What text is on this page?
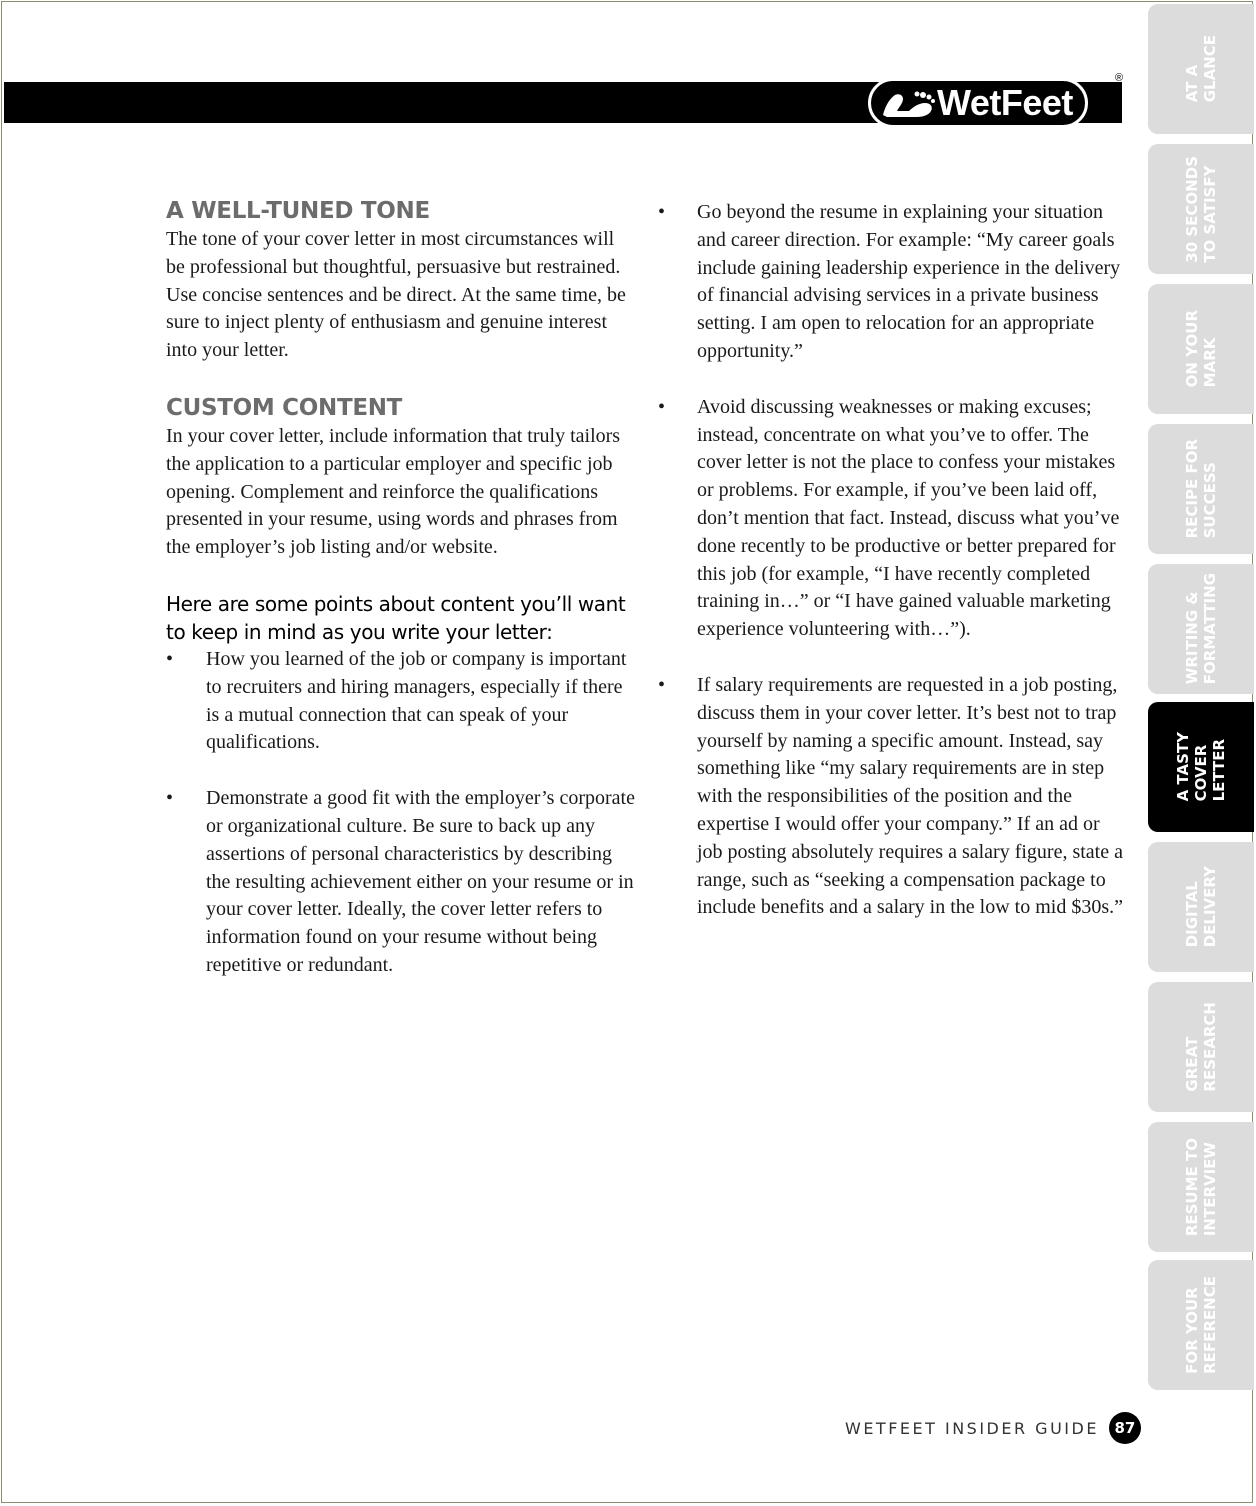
WetFeet
®
A WELL-TUNED TONE

The tone of your cover letter in most circumstances will be professional but thoughtful, persuasive but restrained. Use concise sentences and be direct. At the same time, be sure to inject plenty of enthusiasm and genuine interest into your letter.

CUSTOM CONTENT

In your cover letter, include information that truly tailors the application to a particular employer and specific job opening. Complement and reinforce the qualifications presented in your resume, using words and phrases from the employer’s job listing and/or website.

Here are some points about content you’ll want to keep in mind as you write your letter:

• How you learned of the job or company is important to recruiters and hiring managers, especially if there is a mutual connection that can speak of your qualifications.
• Demonstrate a good fit with the employer’s corporate or organizational culture. Be sure to back up any assertions of personal characteristics by describing the resulting achievement either on your resume or in your cover letter. Ideally, the cover letter refers to information found on your resume without being repetitive or redundant.
• Go beyond the resume in explaining your situation and career direction. For example: “My career goals include gaining leadership experience in the delivery of financial advising services in a private business setting. I am open to relocation for an appropriate opportunity.”
• Avoid discussing weaknesses or making excuses; instead, concentrate on what you’ve to offer. The cover letter is not the place to confess your mistakes or problems. For example, if you’ve been laid off, don’t mention that fact. Instead, discuss what you’ve done recently to be productive or better prepared for this job (for example, “I have recently completed training in…” or “I have gained valuable marketing experience volunteering with…”).
• If salary requirements are requested in a job posting, discuss them in your cover letter. It’s best not to trap yourself by naming a specific amount. Instead, say something like “my salary requirements are in step with the responsibilities of the position and the expertise I would offer your company.” If an ad or job posting absolutely requires a salary figure, state a range, such as “seeking a compensation package to include benefits and a salary in the low to mid $30s.”
AT A
GLANCE
30 SECONDS
TO SATISFY
ON YOUR
MARK
RECIPE FOR
SUCCESS
WRITING &
FORMATTING
A TASTY
COVER
LETTER
DIGITAL
DELIVERY
GREAT
RESEARCH
RESUME TO
INTERVIEW
FOR YOUR
REFERENCE
WETFEET INSIDER GUIDE	87
